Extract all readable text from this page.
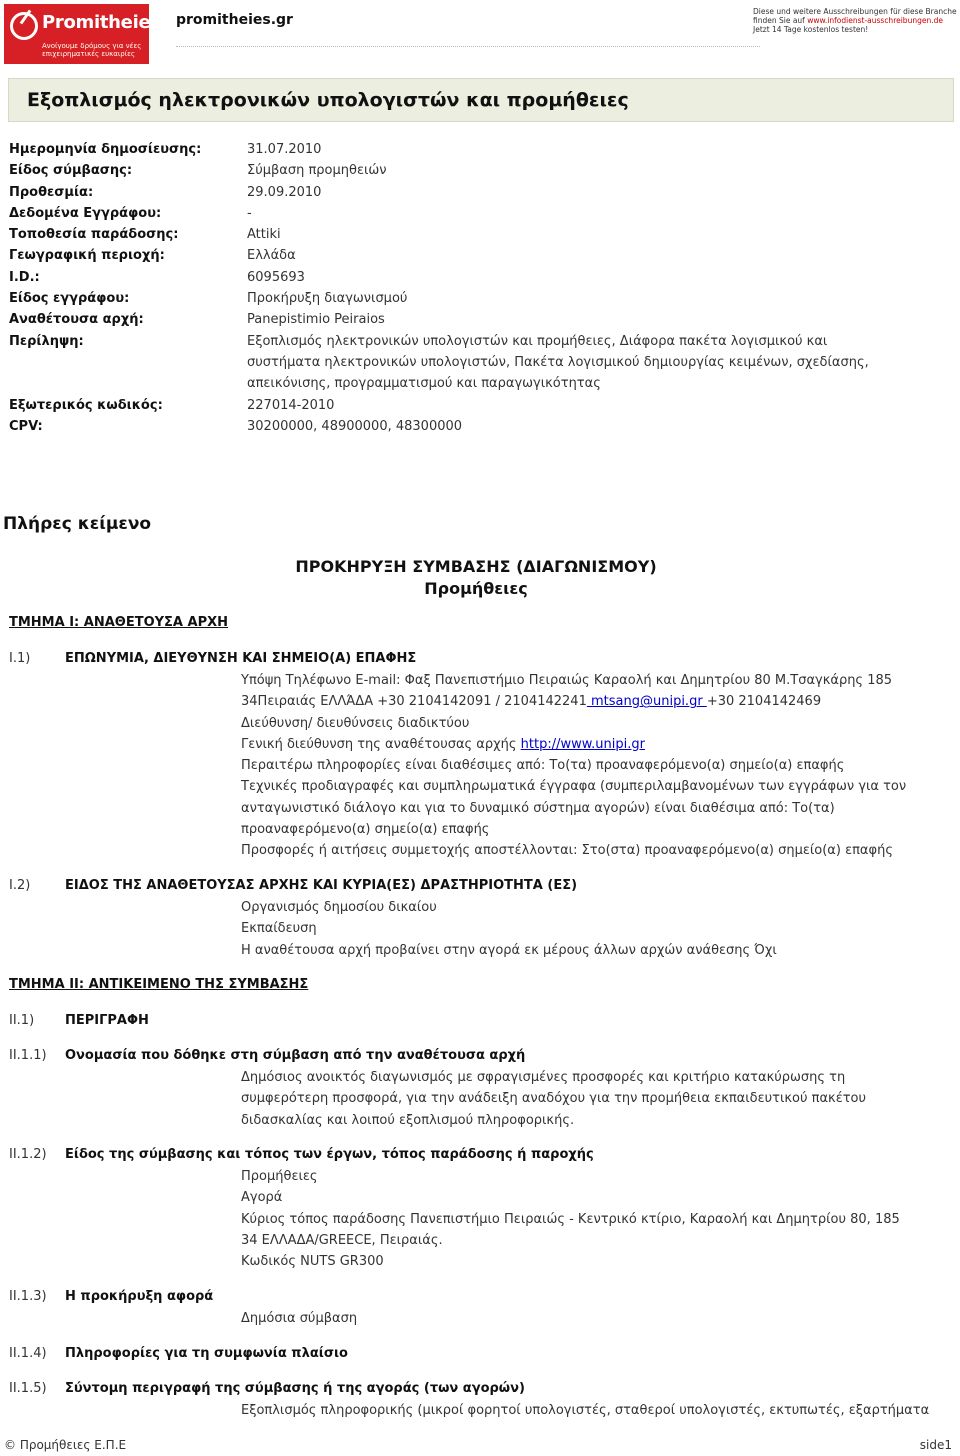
Promitheies.gr
Ανοίγουμε δρόμους για νέες επιχειρηματικές ευκαιρίες
promitheies.gr
Diese und weitere Ausschreibungen für diese Branche finden Sie auf www.infodienst-ausschreibungen.de Jetzt 14 Tage kostenlos testen!
Εξοπλισμός ηλεκτρονικών υπολογιστών και προμήθειες
Ημερομηνία δημοσίευσης:	31.07.2010
Είδος σύμβασης:	Σύμβαση προμηθειών
Προθεσμία:	29.09.2010
Δεδομένα Εγγράφου:	-
Τοποθεσία παράδοσης:	Attiki
Γεωγραφική περιοχή:	Ελλάδα
I.D.:	6095693
Είδος εγγράφου:	Προκήρυξη διαγωνισμού
Αναθέτουσα αρχή:	Panepistimio Peiraios
Περίληψη:	Εξοπλισμός ηλεκτρονικών υπολογιστών και προμήθειες, Διάφορα πακέτα λογισμικού και συστήματα ηλεκτρονικών υπολογιστών, Πακέτα λογισμικού δημιουργίας κειμένων, σχεδίασης, απεικόνισης, προγραμματισμού και παραγωγικότητας
Εξωτερικός κωδικός:	227014-2010
CPV:	30200000, 48900000, 48300000
Πλήρες κείμενο
ΠΡΟΚΗΡΥΞΗ ΣΥΜΒΑΣΗΣ (ΔΙΑΓΩΝΙΣΜΟΥ)
Προμήθειες
ΤΜΗΜΑ I: ΑΝΑΘΕΤΟΥΣΑ ΑΡΧΗ
I.1)	ΕΠΩΝΥΜΙΑ, ΔΙΕΥΘΥΝΣΗ ΚΑΙ ΣΗΜΕΙΟ(Α) ΕΠΑΦΗΣ

Υπόψη Τηλέφωνο E-mail: Φαξ Πανεπιστήμιο Πειραιώς Καραολή και Δημητρίου 80 Μ.Τσαγκάρης 185 34Πειραιάς ΕΛΛΆΔΑ +30 2104142091 / 2104142241 mtsang@unipi.gr +30 2104142469

Διεύθυνση/ διευθύνσεις διαδικτύου

Γενική διεύθυνση της αναθέτουσας αρχής http://www.unipi.gr

Περαιτέρω πληροφορίες είναι διαθέσιμες από: Το(τα) προαναφερόμενο(α) σημείο(α) επαφής

Τεχνικές προδιαγραφές και συμπληρωματικά έγγραφα (συμπεριλαμβανομένων των εγγράφων για τον ανταγωνιστικό διάλογο και για το δυναμικό σύστημα αγορών) είναι διαθέσιμα από: Το(τα) προαναφερόμενο(α) σημείο(α) επαφής

Προσφορές ή αιτήσεις συμμετοχής αποστέλλονται: Στο(στα) προαναφερόμενο(α) σημείο(α) επαφής

I.2)	ΕΙΔΟΣ ΤΗΣ ΑΝΑΘΕΤΟΥΣΑΣ ΑΡΧΗΣ ΚΑΙ ΚΥΡΙΑ(ΕΣ) ΔΡΑΣΤΗΡΙΟΤΗΤΑ (ΕΣ)

Οργανισμός δημοσίου δικαίου

Εκπαίδευση

Η αναθέτουσα αρχή προβαίνει στην αγορά εκ μέρους άλλων αρχών ανάθεσης Όχι

ΤΜΗΜΑ II: ΑΝΤΙΚΕΙΜΕΝΟ ΤΗΣ ΣΥΜΒΑΣΗΣ
II.1) ΠΕΡΙΓΡΑΦΗ
II.1.1) Ονομασία που δόθηκε στη σύμβαση από την αναθέτουσα αρχή

Δημόσιος ανοικτός διαγωνισμός με σφραγισμένες προσφορές και κριτήριο κατακύρωσης τη συμφερότερη προσφορά, για την ανάδειξη αναδόχου για την προμήθεια εκπαιδευτικού πακέτου διδασκαλίας και λοιπού εξοπλισμού πληροφορικής.

II.1.2) Είδος της σύμβασης και τόπος των έργων, τόπος παράδοσης ή παροχής

Προμήθειες

Αγορά

Κύριος τόπος παράδοσης Πανεπιστήμιο Πειραιώς - Κεντρικό κτίριο, Καραολή και Δημητρίου 80, 185 34 ΕΛΛΑΔΑ/GREECE, Πειραιάς.

Κωδικός NUTS GR300

II.1.3) Η προκήρυξη αφορά

Δημόσια σύμβαση

II.1.4) Πληροφορίες για τη συμφωνία πλαίσιο
II.1.5) Σύντομη περιγραφή της σύμβασης ή της αγοράς (των αγορών)

Εξοπλισμός πληροφορικής (μικροί φορητοί υπολογιστές, σταθεροί υπολογιστές, εκτυπωτές, εξαρτήματα

© Προμήθειες Ε.Π.Ε	side1
